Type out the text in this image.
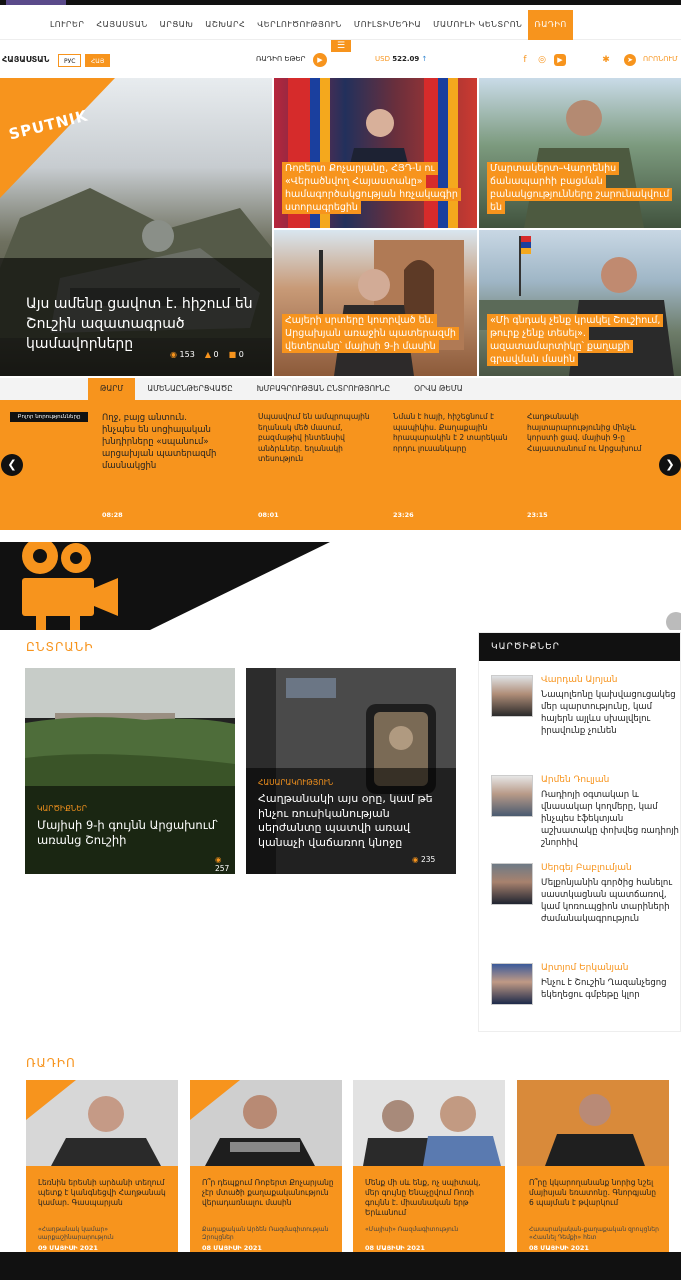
ԼՈՒՐԵՐ	ՀԱՅԱՍՏԱՆ	ԱՐՑԱԽ	ԱՇԽԱՐՀ	ՎԵՐԼՈՒԾՈՒԹՅՈՒՆ	ՄՈՒԼՏԻՄԵԴԻԱ	ՄԱՄՈՒԼԻ ԿԵՆՏՐՈՆ	ՌԱԴԻՈ
☰
ՀԱՅԱՍՏԱՆ	РУС	ՀԱՅ	ՌԱԴԻՈ ԵԹԵՐ	▶	USD 522.09 ↑	f	◎	▶	✱	➤	ՈՐՈՆՈՒՄ
SPUTNIK
Այս ամենը ցավոտ է. հիշում են Շուշին ազատագրած կամավորները
◉ 153 ▲ 0 ■ 0
Ռոբերտ Քոչարյանը, ՀՅԴ-ն ու «Վերածնվող Հայաստանը» համագործակցության հռչակագիր ստորագրեցին
Մարտակերտ–Վարդենիս ճանապարհի բացման բանակցությունները շարունակվում են
Հայերի սրտերը կոտրված են. Արցախյան առաջին պատերազմի վետերանը՝ մայիսի 9-ի մասին
«Մի գնդակ չենք կրակել Շուշիում, թուրք չենք տեսել». ազատամարտիկը՝ քաղաքի գրավման մասին
ԹԱՐՄ	ԱՄԵՆԱԸՆԹԵՐՑՎԱԾԸ	ԽՄԲԱԳՐՈՒԹՅԱՆ ԸՆՏՐՈՒԹՅՈՒՆԸ	ՕՐՎԱ ԹԵՄԱ
Բոլոր նորությունները	Ողջ, բայց անտուն. ինչպես են սոցիալական խնդիրները «սպանում» արցախյան պատերազմի մասնակցին
08:28
Սպասվում են ամպրոպային եղանակ մեծ մասում, բազմաթիվ ինտենսիվ անձրևներ. եղանակի տեսություն
08:01
Նման է հայի, հիշեցնում է պապիկիս. Քաղաքային հրապարակին է 2 տարեկան որդու լուսանկարը
23:26
Հաղթանակի հայտարարությունից մինչև կորստի ցավ. մայիսի 9-ը Հայաստանում ու Արցախում
23:15
❮	❯
ԸՆՏՐԱՆԻ
ԿԱՐԾԻՔՆԵՐ
Մայիսի 9-ի գույնն Արցախում՝ առանց Շուշիի
◉ 257
ՀԱՍԱՐԱԿՈՒԹՅՈՒՆ
Հաղթանակի այս օրը, կամ թե ինչու ռուսիկանության սերժանտը պատվի առավ կանաչի վաճառող կնոջը
◉ 235
ԿԱՐԾԻՔՆԵՐ
Վարդան Այոյան
Նապոլեոնը կախվացուցակեց մեր պարտությունը, կամ հայերն այլևս սխալվելու իրավունք չունեն
Արմեն Դուլյան
Ռադիոյի օգտակար և վնասակար կողմերը, կամ ինչպես էֆեկտյան աշխատակը փոխվեց ռադիոյի շնորհիվ
Սերգեյ Բաբլումյան
Մելքոնյանին գործից հանելու սաստկացնան պատճառով, կամ կոռուպցիոն տարիների ժամանակագրություն
Արտյոմ Երկանյան
Ինչու է Շուշին Ղազանչեցոց եկեղեցու գմբեթը կլոր
ՌԱԴԻՈ
Լեռնին երեսնի արձանի տեղում պետք է կանգնեցվի Հաղթանակ կամար. Գասպարյան
«Հաղթանակ կամար» սարքաշինարարություն
09 ՄԱՅԻՍԻ 2021
Ո՞ր դեպքում Ռոբերտ Քոչարյանը չէր մտածի քաղաքականություն վերադառնալու մասին
Քաղաքական Արձեն Ռազմագիտության Զրույցներ
08 ՄԱՅԻՍԻ 2021
Մենք մի սև ենք, ոչ սպիտակ, մեր գույնը Ենաչըվում Ռոռի գույնն է. միասնական երթ Երևանում
«Մայիսի» Ռազմագիտություն
08 ՄԱՅԻՍԻ 2021
Ո՞րը կկարողանանք նորից նշել մայիսյան եռատոնը. Գնորգյանը 6 պայման է թվարկում
Հասարակական-քաղաքական զրույցներ «Հասնել Դեմքի» հետ
08 ՄԱՅԻՍԻ 2021
